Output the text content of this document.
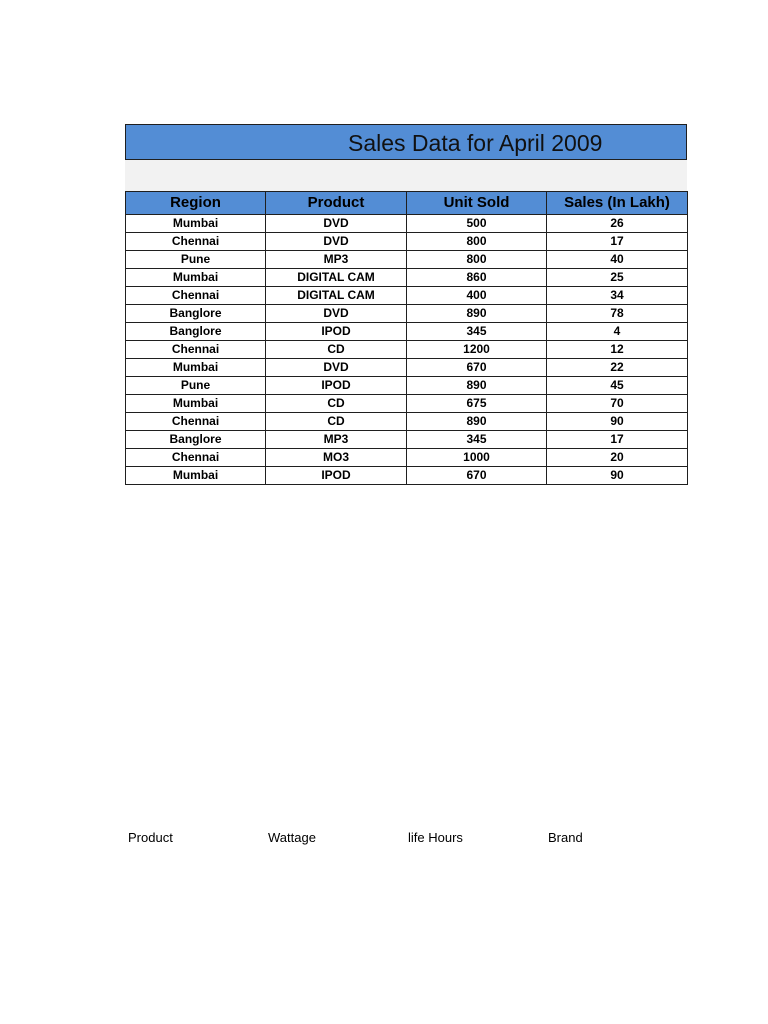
Sales Data for April 2009
Region	Product	Unit Sold	Sales (In Lakh)
Mumbai	DVD	500	26
Chennai	DVD	800	17
Pune	MP3	800	40
Mumbai	DIGITAL CAM	860	25
Chennai	DIGITAL CAM	400	34
Banglore	DVD	890	78
Banglore	IPOD	345	4
Chennai	CD	1200	12
Mumbai	DVD	670	22
Pune	IPOD	890	45
Mumbai	CD	675	70
Chennai	CD	890	90
Banglore	MP3	345	17
Chennai	MO3	1000	20
Mumbai	IPOD	670	90
Product	Wattage	life Hours	Brand
